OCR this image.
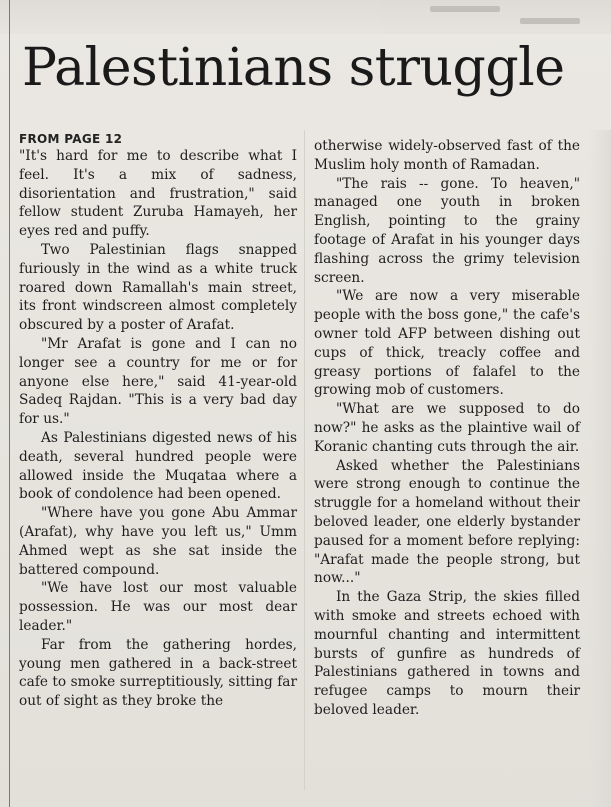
Palestinians struggle
FROM PAGE 12

"It's hard for me to describe what I feel. It's a mix of sadness, disorientation and frustration," said fellow student Zuruba Hamayeh, her eyes red and puffy.

Two Palestinian flags snapped furiously in the wind as a white truck roared down Ramallah's main street, its front windscreen almost completely obscured by a poster of Arafat.

"Mr Arafat is gone and I can no longer see a country for me or for anyone else here," said 41-year-old Sadeq Rajdan. "This is a very bad day for us."

As Palestinians digested news of his death, several hundred people were allowed inside the Muqataa where a book of condolence had been opened.

"Where have you gone Abu Ammar (Arafat), why have you left us," Umm Ahmed wept as she sat inside the battered compound.

"We have lost our most valuable possession. He was our most dear leader."

Far from the gathering hordes, young men gathered in a back-street cafe to smoke surreptitiously, sitting far out of sight as they broke the

otherwise widely-observed fast of the Muslim holy month of Ramadan.

"The rais -- gone. To heaven," managed one youth in broken English, pointing to the grainy footage of Arafat in his younger days flashing across the grimy television screen.

"We are now a very miserable people with the boss gone," the cafe's owner told AFP between dishing out cups of thick, treacly coffee and greasy portions of falafel to the growing mob of customers.

"What are we supposed to do now?" he asks as the plaintive wail of Koranic chanting cuts through the air.

Asked whether the Palestinians were strong enough to continue the struggle for a homeland without their beloved leader, one elderly bystander paused for a moment before replying: "Arafat made the people strong, but now..."

In the Gaza Strip, the skies filled with smoke and streets echoed with mournful chanting and intermittent bursts of gunfire as hundreds of Palestinians gathered in towns and refugee camps to mourn their beloved leader.
